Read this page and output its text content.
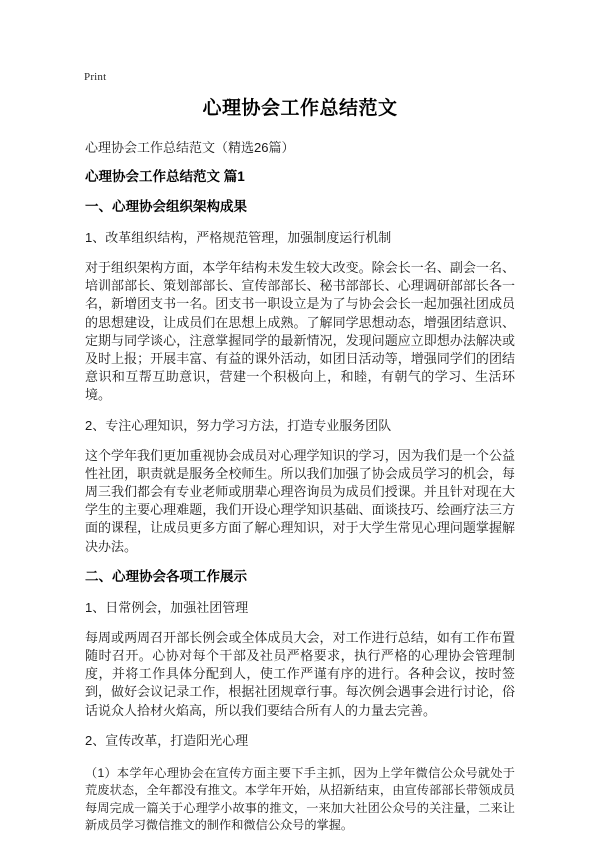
Print
心理协会工作总结范文

心理协会工作总结范文（精选26篇）

心理协会工作总结范文 篇1

一、心理协会组织架构成果

1、改革组织结构，严格规范管理，加强制度运行机制

对于组织架构方面，本学年结构未发生较大改变。除会长一名、副会一名、培训部部长、策划部部长、宣传部部长、秘书部部长、心理调研部部长各一名，新增团支书一名。团支书一职设立是为了与协会会长一起加强社团成员的思想建设，让成员们在思想上成熟。了解同学思想动态，增强团结意识、定期与同学谈心，注意掌握同学的最新情况，发现问题应立即想办法解决或及时上报；开展丰富、有益的课外活动，如团日活动等，增强同学们的团结意识和互帮互助意识，营建一个积极向上，和睦，有朝气的学习、生活环境。

2、专注心理知识，努力学习方法，打造专业服务团队

这个学年我们更加重视协会成员对心理学知识的学习，因为我们是一个公益性社团，职责就是服务全校师生。所以我们加强了协会成员学习的机会，每周三我们都会有专业老师或朋辈心理咨询员为成员们授课。并且针对现在大学生的主要心理难题，我们开设心理学知识基础、面谈技巧、绘画疗法三方面的课程，让成员更多方面了解心理知识，对于大学生常见心理问题掌握解决办法。

二、心理协会各项工作展示

1、日常例会，加强社团管理

每周或两周召开部长例会或全体成员大会，对工作进行总结，如有工作布置随时召开。心协对每个干部及社员严格要求，执行严格的心理协会管理制度，并将工作具体分配到人，使工作严谨有序的进行。各种会议，按时签到，做好会议记录工作，根据社团规章行事。每次例会遇事会进行讨论，俗话说众人拾材火焰高，所以我们要结合所有人的力量去完善。

2、宣传改革，打造阳光心理

（1）本学年心理协会在宣传方面主要下手主抓，因为上学年微信公众号就处于荒废状态，全年都没有推文。本学年开始，从招新结束，由宣传部部长带领成员每周完成一篇关于心理学小故事的推文，一来加大社团公众号的关注量，二来让新成员学习微信推文的制作和微信公众号的掌握。
